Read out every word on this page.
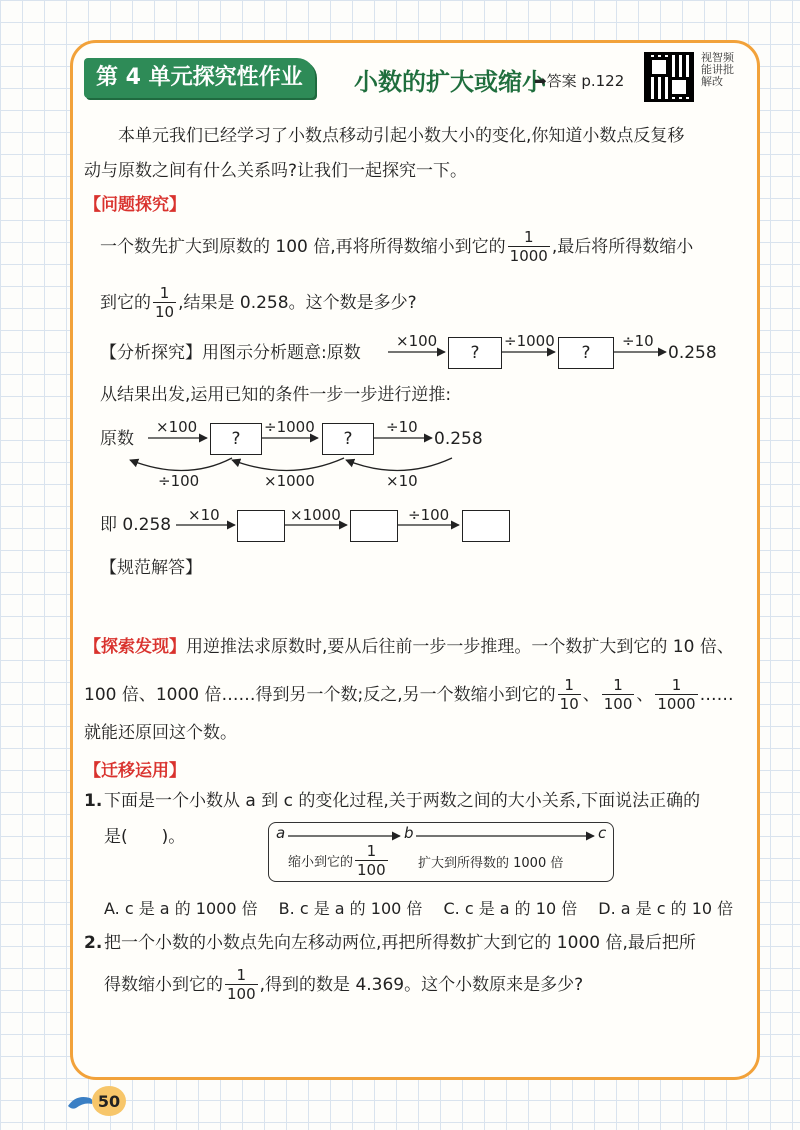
第 4 单元探究性作业	小数的扩大或缩小
➡答案 p.122
视智频能讲批解改
本单元我们已经学习了小数点移动引起小数大小的变化,你知道小数点反复移
动与原数之间有什么关系吗?让我们一起探究一下。
【问题探究】
一个数先扩大到原数的 100 倍,再将所得数缩小到它的 $\frac{1}{1000}$ ,最后将所得数缩小
到它的 $\frac{1}{10}$ ,结果是 0.258。这个数是多少?
【分析探究】用图示分析题意:原数
×100
?
÷1000
?
÷10
0.258
从结果出发,运用已知的条件一步一步进行逆推:
原数
×100
?
÷1000
?
÷10
0.258
÷100	×1000	×10
即 0.258 ×10	×1000	÷100
【规范解答】
【探索发现】用逆推法求原数时,要从后往前一步一步推理。一个数扩大到它的 10 倍、
100 倍、1000 倍……得到另一个数;反之,另一个数缩小到它的 $\frac{1}{10}$ 、 $\frac{1}{100}$ 、 $\frac{1}{1000}$ ……
就能还原回这个数。
【迁移运用】
1. 下面是一个小数从 a 到 c 的变化过程,关于两数之间的大小关系,下面说法正确的
是(　　)。	a	b	c
缩小到它的 $\frac{1}{100}$ 扩大到所得数的 1000 倍
A. c 是 a 的 1000 倍　 B. c 是 a 的 100 倍　 C. c 是 a 的 10 倍　 D. a 是 c 的 10 倍
2. 把一个小数的小数点先向左移动两位,再把所得数扩大到它的 1000 倍,最后把所
得数缩小到它的 $\frac{1}{100}$ ,得到的数是 4.369。这个小数原来是多少?
50
